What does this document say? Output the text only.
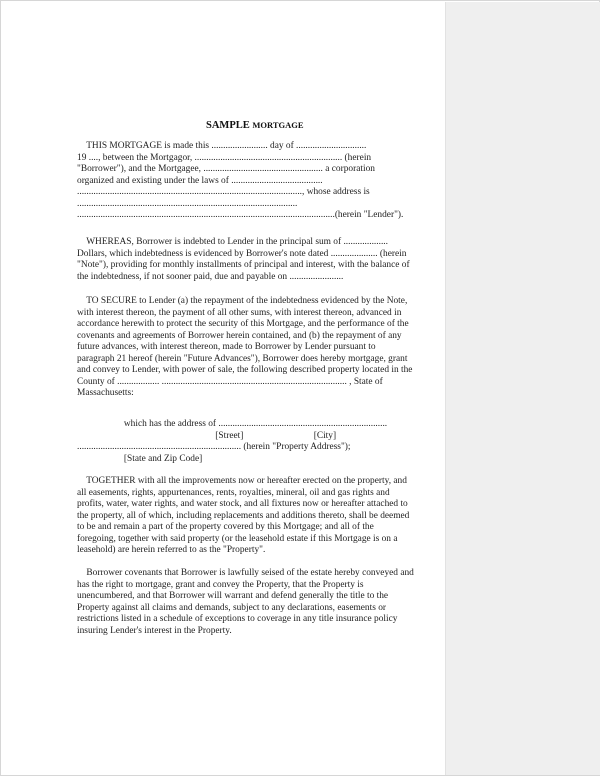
SAMPLE MORTGAGE

THIS MORTGAGE is made this ........................ day of ..............................

19 ...., between the Mortgagor, ............................................................... (herein

"Borrower"), and the Mortgagee, ................................................... a corporation

organized and existing under the laws of .......................................

................................................................................................, whose address is

..............................................................................................

..............................................................................................................(herein "Lender").

WHEREAS, Borrower is indebted to Lender in the principal sum of ...................

Dollars, which indebtedness is evidenced by Borrower's note dated .................... (herein

"Note"), providing for monthly installments of principal and interest, with the balance of

the indebtedness, if not sooner paid, due and payable on .......................

TO SECURE to Lender (a) the repayment of the indebtedness evidenced by the Note,

with interest thereon, the payment of all other sums, with interest thereon, advanced in

accordance herewith to protect the security of this Mortgage, and the performance of the

covenants and agreements of Borrower herein contained, and (b) the repayment of any

future advances, with interest thereon, made to Borrower by Lender pursuant to

paragraph 21 hereof (herein "Future Advances"), Borrower does hereby mortgage, grant

and convey to Lender, with power of sale, the following described property located in the

County of .................. ............................................................................... , State of

Massachusetts:

which has the address of ........................................................................

[Street]                              [City]

...................................................................... (herein "Property Address");

[State and Zip Code]

TOGETHER with all the improvements now or hereafter erected on the property, and

all easements, rights, appurtenances, rents, royalties, mineral, oil and gas rights and

profits, water, water rights, and water stock, and all fixtures now or hereafter attached to

the property, all of which, including replacements and additions thereto, shall be deemed

to be and remain a part of the property covered by this Mortgage; and all of the

foregoing, together with said property (or the leasehold estate if this Mortgage is on a

leasehold) are herein referred to as the "Property".

Borrower covenants that Borrower is lawfully seised of the estate hereby conveyed and

has the right to mortgage, grant and convey the Property, that the Property is

unencumbered, and that Borrower will warrant and defend generally the title to the

Property against all claims and demands, subject to any declarations, easements or

restrictions listed in a schedule of exceptions to coverage in any title insurance policy

insuring Lender's interest in the Property.
